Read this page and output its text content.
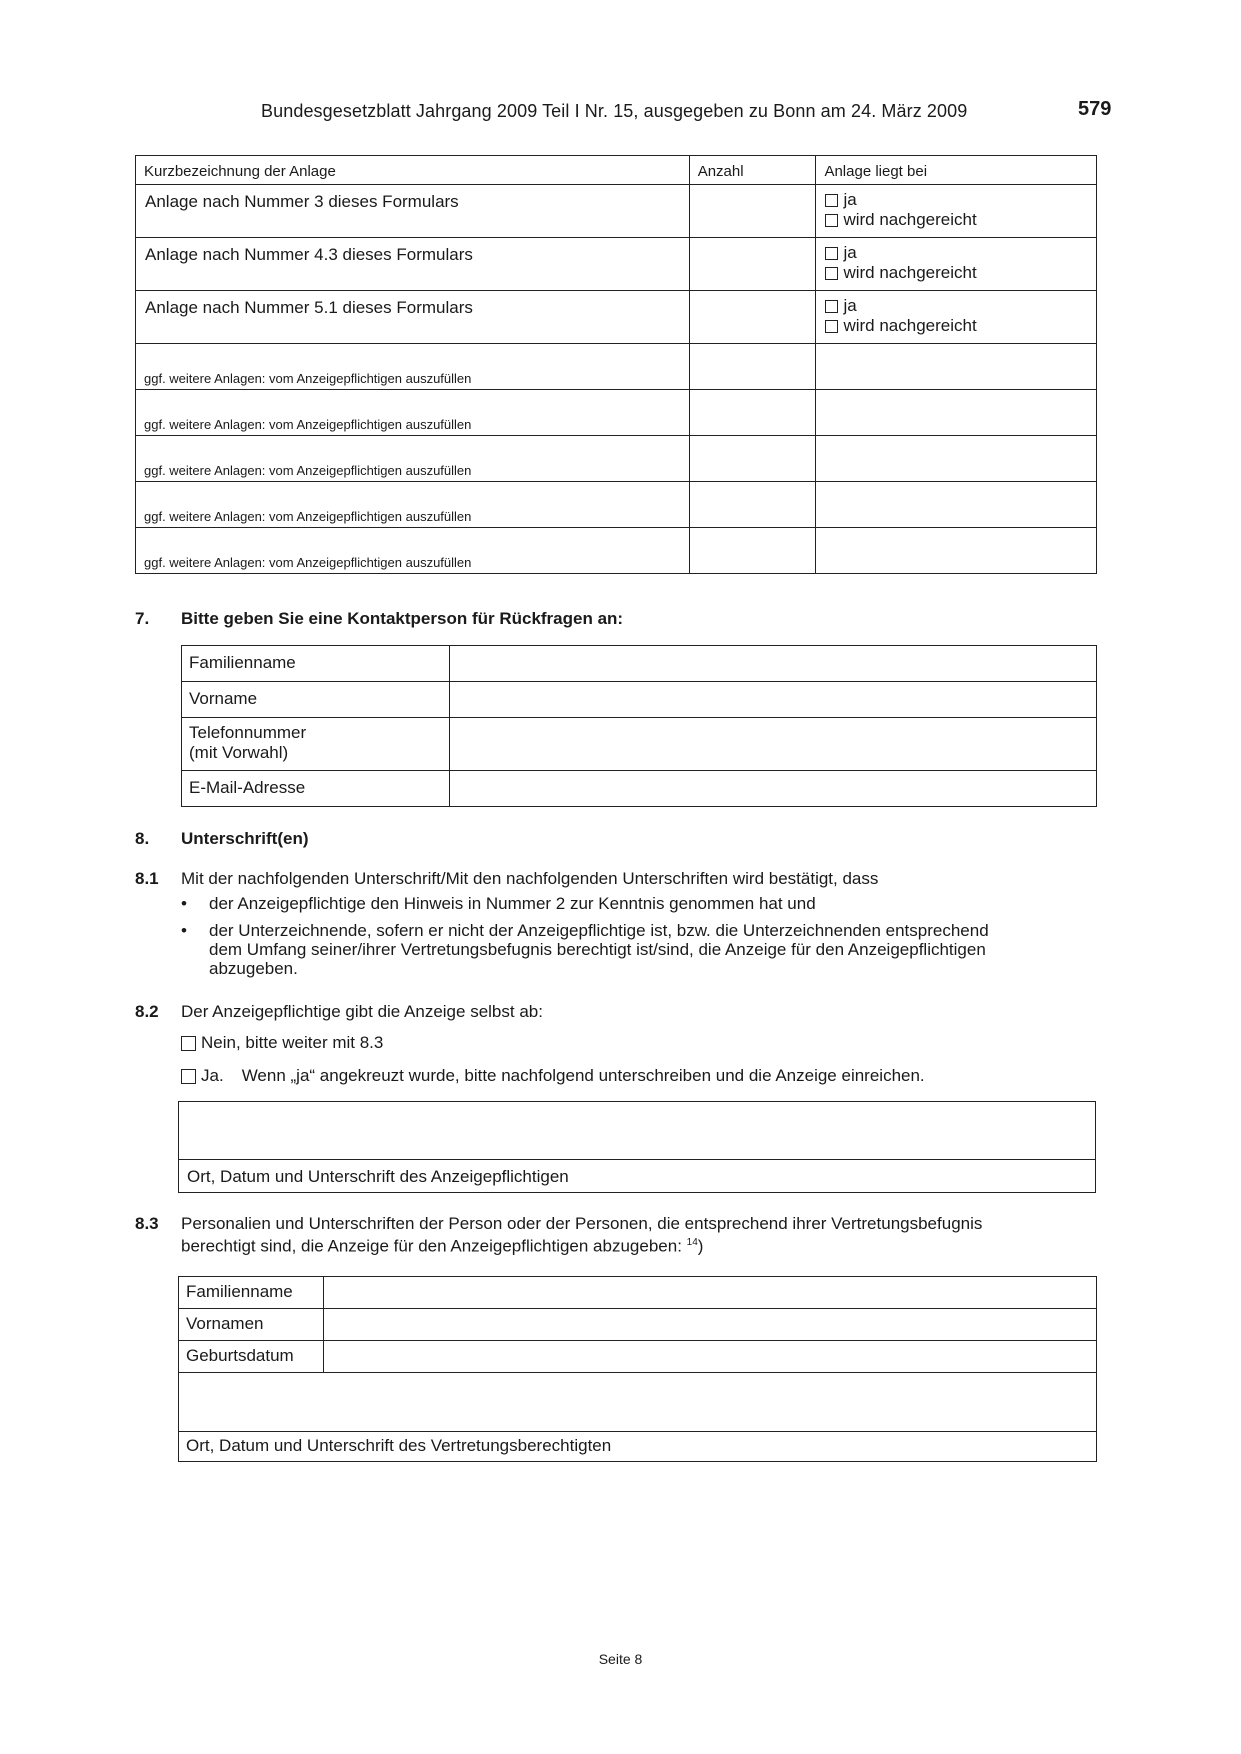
Bundesgesetzblatt Jahrgang 2009 Teil I Nr. 15, ausgegeben zu Bonn am 24. März 2009	579
Kurzbezeichnung der Anlage	Anzahl	Anlage liegt bei
Anlage nach Nummer 3 dieses Formulars		ja
wird nachgereicht

Anlage nach Nummer 4.3 dieses Formulars		ja
wird nachgereicht

Anlage nach Nummer 5.1 dieses Formulars		ja
wird nachgereicht

ggf. weitere Anlagen: vom Anzeigepflichtigen auszufüllen		

ggf. weitere Anlagen: vom Anzeigepflichtigen auszufüllen		

ggf. weitere Anlagen: vom Anzeigepflichtigen auszufüllen		

ggf. weitere Anlagen: vom Anzeigepflichtigen auszufüllen		

ggf. weitere Anlagen: vom Anzeigepflichtigen auszufüllen		

7. Bitte geben Sie eine Kontaktperson für Rückfragen an:
Familienname	
Vorname	

Telefonnummer
(mit Vorwahl)	

E-Mail-Adresse	
8. Unterschrift(en)
8.1 Mit der nachfolgenden Unterschrift/Mit den nachfolgenden Unterschriften wird bestätigt, dass
• der Anzeigepflichtige den Hinweis in Nummer 2 zur Kenntnis genommen hat und
• der Unterzeichnende, sofern er nicht der Anzeigepflichtige ist, bzw. die Unterzeichnenden entsprechend
dem Umfang seiner/ihrer Vertretungsbefugnis berechtigt ist/sind, die Anzeige für den Anzeigepflichtigen
abzugeben.
8.2 Der Anzeigepflichtige gibt die Anzeige selbst ab:
Nein, bitte weiter mit 8.3
Ja. Wenn „ja“ angekreuzt wurde, bitte nachfolgend unterschreiben und die Anzeige einreichen.
Ort, Datum und Unterschrift des Anzeigepflichtigen
8.3 Personalien und Unterschriften der Person oder der Personen, die entsprechend ihrer Vertretungsbefugnis
berechtigt sind, die Anzeige für den Anzeigepflichtigen abzugeben: $^{14}$)
Familienname	
Vornamen	
Geburtsdatum	

Ort, Datum und Unterschrift des Vertretungsberechtigten	
Seite 8
